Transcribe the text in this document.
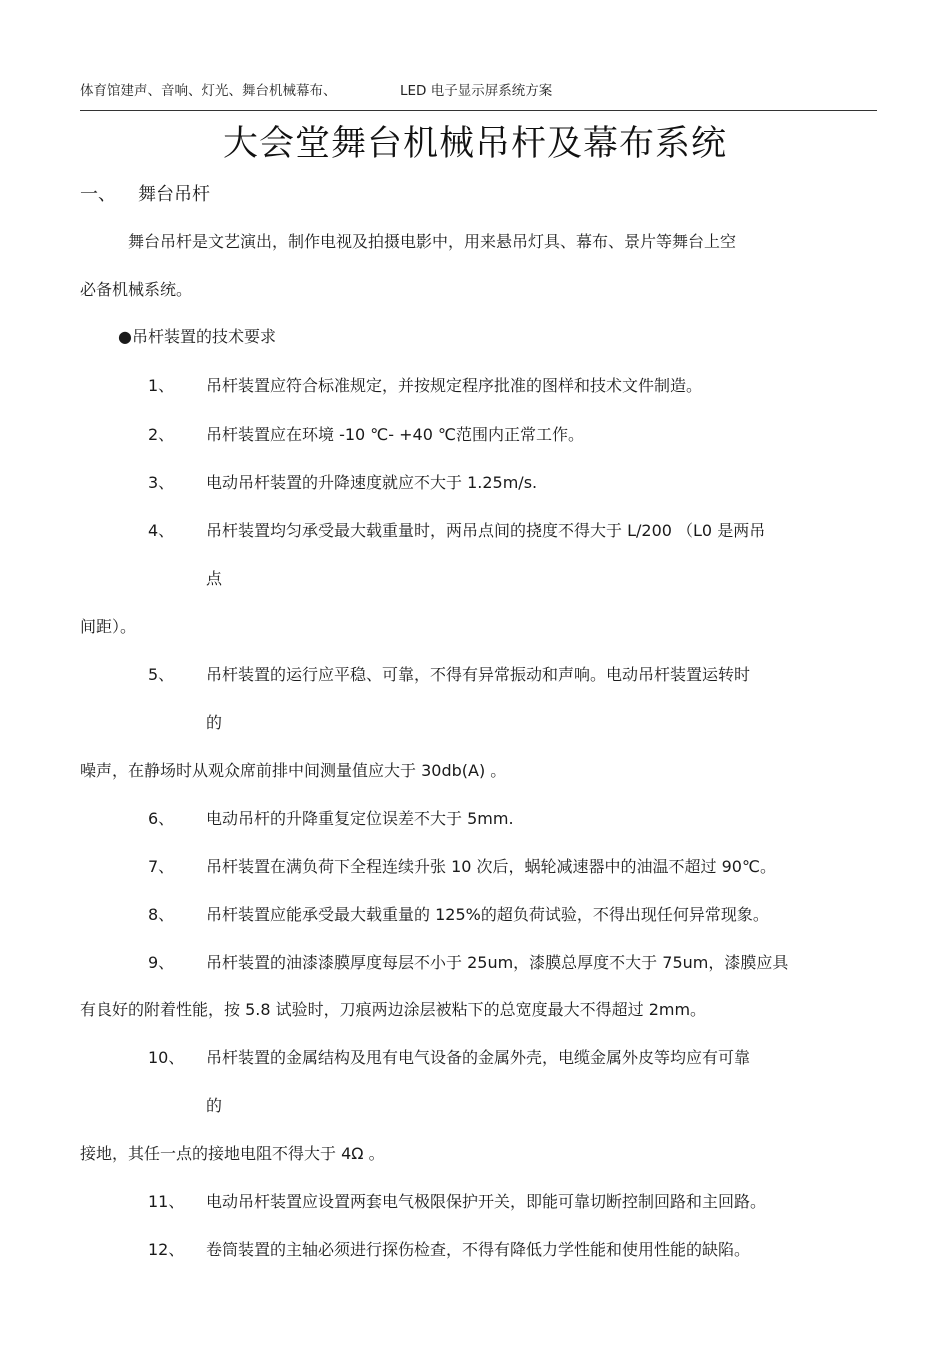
体育馆建声、音响、灯光、舞台机械幕布、	LED 电子显示屏系统方案
大会堂舞台机械吊杆及幕布系统
一、 舞台吊杆
舞台吊杆是文艺演出，制作电视及拍摄电影中，用来悬吊灯具、幕布、景片等舞台上空
必备机械系统。
●吊杆装置的技术要求
1、 吊杆装置应符合标准规定，并按规定程序批准的图样和技术文件制造。
2、 吊杆装置应在环境 -10 ℃- +40 ℃范围内正常工作。
3、 电动吊杆装置的升降速度就应不大于 1.25m/s.
4、 吊杆装置均匀承受最大载重量时，两吊点间的挠度不得大于 L/200 （L0 是两吊
点
间距）。
5、 吊杆装置的运行应平稳、可靠，不得有异常振动和声响。电动吊杆装置运转时
的
噪声，在静场时从观众席前排中间测量值应大于 30db(A) 。
6、 电动吊杆的升降重复定位误差不大于 5mm.
7、 吊杆装置在满负荷下全程连续升张 10 次后，蜗轮减速器中的油温不超过 90℃。
8、 吊杆装置应能承受最大载重量的 125%的超负荷试验，不得出现任何异常现象。
9、 吊杆装置的油漆漆膜厚度每层不小于 25um，漆膜总厚度不大于 75um，漆膜应具
有良好的附着性能，按 5.8 试验时，刀痕两边涂层被粘下的总宽度最大不得超过 2mm。
10、 吊杆装置的金属结构及甩有电气设备的金属外壳，电缆金属外皮等均应有可靠
的
接地，其任一点的接地电阻不得大于 4Ω 。
11、 电动吊杆装置应设置两套电气极限保护开关，即能可靠切断控制回路和主回路。
12、 卷筒装置的主轴必须进行探伤检查，不得有降低力学性能和使用性能的缺陷。
